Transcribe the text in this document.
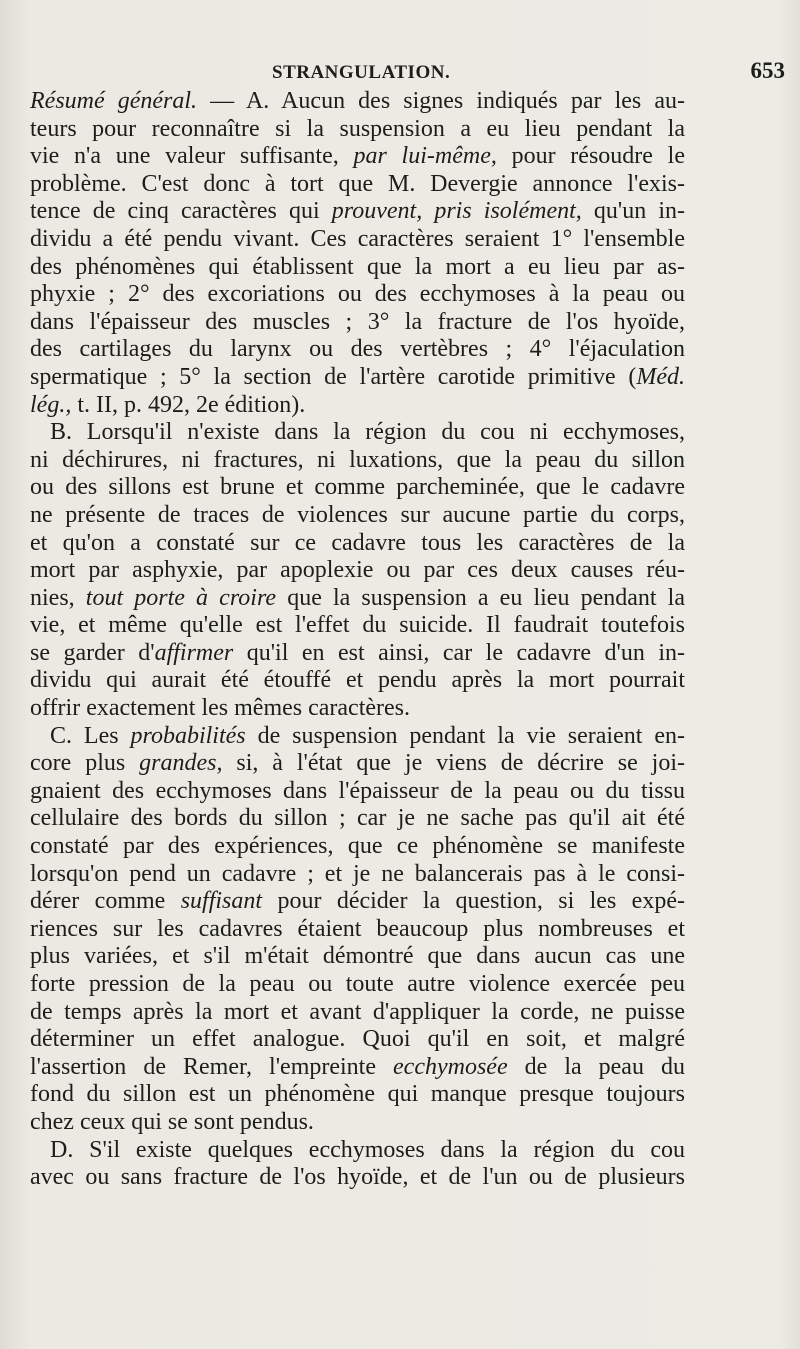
STRANGULATION.	653
Résumé général. — A. Aucun des signes indiqués par les au-
teurs pour reconnaître si la suspension a eu lieu pendant la
vie n'a une valeur suffisante, par lui-même, pour résoudre le
problème. C'est donc à tort que M. Devergie annonce l'exis-
tence de cinq caractères qui prouvent, pris isolément, qu'un in-
dividu a été pendu vivant. Ces caractères seraient 1° l'ensemble
des phénomènes qui établissent que la mort a eu lieu par as-
phyxie ; 2° des excoriations ou des ecchymoses à la peau ou
dans l'épaisseur des muscles ; 3° la fracture de l'os hyoïde,
des cartilages du larynx ou des vertèbres ; 4° l'éjaculation
spermatique ; 5° la section de l'artère carotide primitive (Méd.
lég., t. II, p. 492, 2e édition).
B. Lorsqu'il n'existe dans la région du cou ni ecchymoses,
ni déchirures, ni fractures, ni luxations, que la peau du sillon
ou des sillons est brune et comme parcheminée, que le cadavre
ne présente de traces de violences sur aucune partie du corps,
et qu'on a constaté sur ce cadavre tous les caractères de la
mort par asphyxie, par apoplexie ou par ces deux causes réu-
nies, tout porte à croire que la suspension a eu lieu pendant la
vie, et même qu'elle est l'effet du suicide. Il faudrait toutefois
se garder d'affirmer qu'il en est ainsi, car le cadavre d'un in-
dividu qui aurait été étouffé et pendu après la mort pourrait
offrir exactement les mêmes caractères.
C. Les probabilités de suspension pendant la vie seraient en-
core plus grandes, si, à l'état que je viens de décrire se joi-
gnaient des ecchymoses dans l'épaisseur de la peau ou du tissu
cellulaire des bords du sillon ; car je ne sache pas qu'il ait été
constaté par des expériences, que ce phénomène se manifeste
lorsqu'on pend un cadavre ; et je ne balancerais pas à le consi-
dérer comme suffisant pour décider la question, si les expé-
riences sur les cadavres étaient beaucoup plus nombreuses et
plus variées, et s'il m'était démontré que dans aucun cas une
forte pression de la peau ou toute autre violence exercée peu
de temps après la mort et avant d'appliquer la corde, ne puisse
déterminer un effet analogue. Quoi qu'il en soit, et malgré
l'assertion de Remer, l'empreinte ecchymosée de la peau du
fond du sillon est un phénomène qui manque presque toujours
chez ceux qui se sont pendus.
D. S'il existe quelques ecchymoses dans la région du cou
avec ou sans fracture de l'os hyoïde, et de l'un ou de plusieurs
